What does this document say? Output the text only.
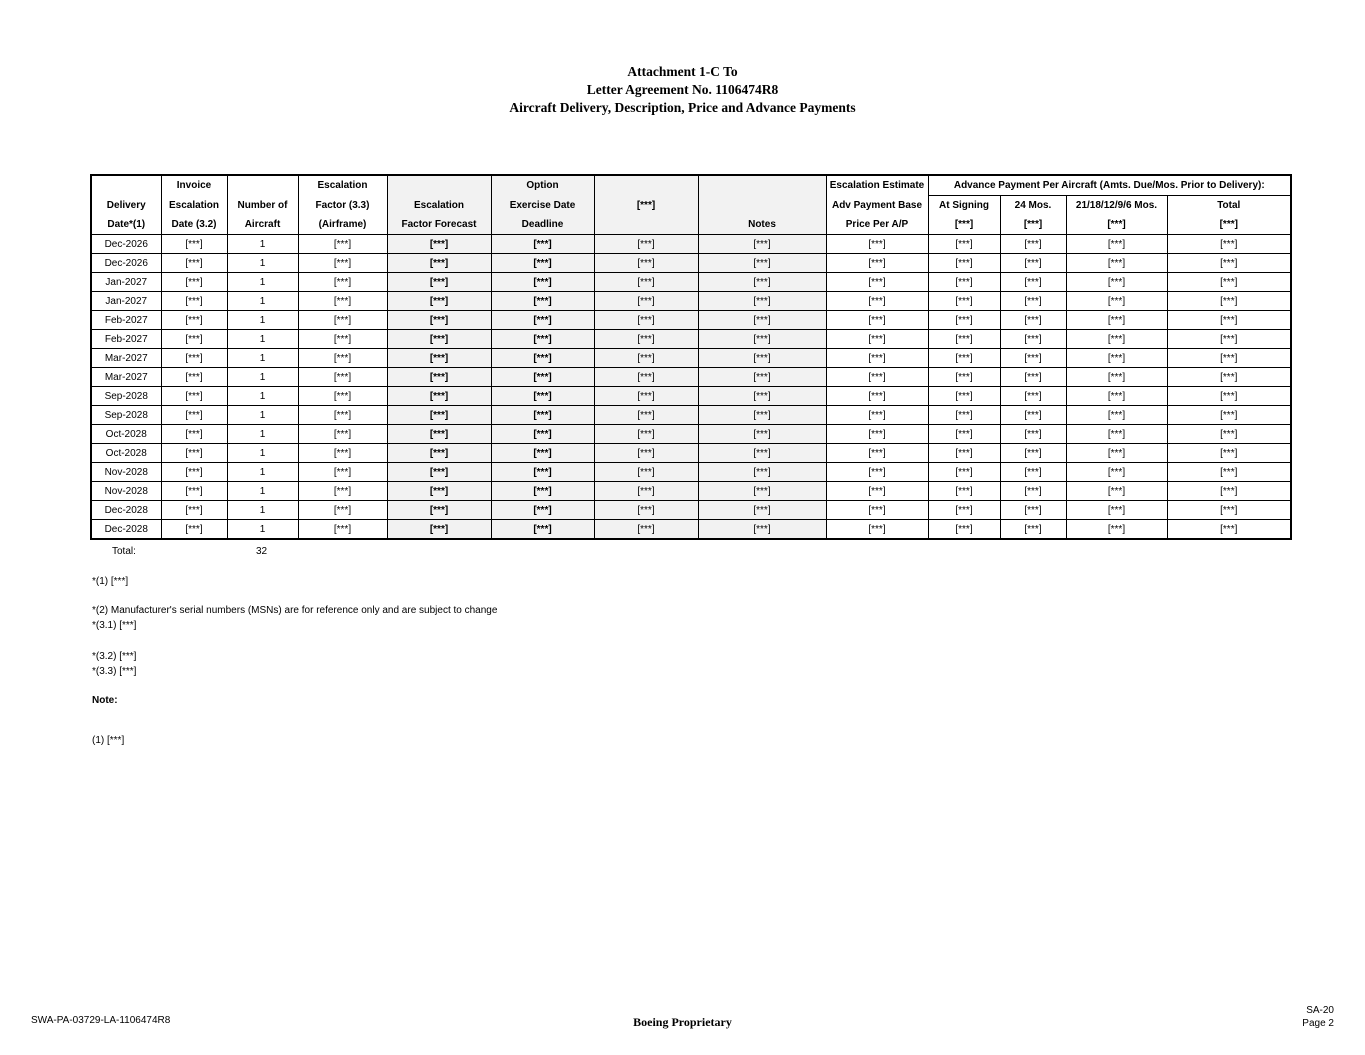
Attachment 1-C To
Letter Agreement No. 1106474R8
Aircraft Delivery, Description, Price and Advance Payments
	Invoice		Escalation		Option			Escalation Estimate	Advance Payment Per Aircraft (Amts. Due/Mos. Prior to Delivery):			
Delivery	Escalation	Number of	Factor (3.3)	Escalation	Exercise Date	[***]		Adv Payment Base	At Signing	24 Mos.	21/18/12/9/6 Mos.	Total
Date*(1)	Date (3.2)	Aircraft	(Airframe)	Factor Forecast	Deadline		Notes	Price Per A/P	[***]	[***]	[***]	[***]
Dec-2026	[***]	1	[***]	[***]	[***]	[***]	[***]	[***]	[***]	[***]	[***]	[***]
Dec-2026	[***]	1	[***]	[***]	[***]	[***]	[***]	[***]	[***]	[***]	[***]	[***]
Jan-2027	[***]	1	[***]	[***]	[***]	[***]	[***]	[***]	[***]	[***]	[***]	[***]
Jan-2027	[***]	1	[***]	[***]	[***]	[***]	[***]	[***]	[***]	[***]	[***]	[***]
Feb-2027	[***]	1	[***]	[***]	[***]	[***]	[***]	[***]	[***]	[***]	[***]	[***]
Feb-2027	[***]	1	[***]	[***]	[***]	[***]	[***]	[***]	[***]	[***]	[***]	[***]
Mar-2027	[***]	1	[***]	[***]	[***]	[***]	[***]	[***]	[***]	[***]	[***]	[***]
Mar-2027	[***]	1	[***]	[***]	[***]	[***]	[***]	[***]	[***]	[***]	[***]	[***]
Sep-2028	[***]	1	[***]	[***]	[***]	[***]	[***]	[***]	[***]	[***]	[***]	[***]
Sep-2028	[***]	1	[***]	[***]	[***]	[***]	[***]	[***]	[***]	[***]	[***]	[***]
Oct-2028	[***]	1	[***]	[***]	[***]	[***]	[***]	[***]	[***]	[***]	[***]	[***]
Oct-2028	[***]	1	[***]	[***]	[***]	[***]	[***]	[***]	[***]	[***]	[***]	[***]
Nov-2028	[***]	1	[***]	[***]	[***]	[***]	[***]	[***]	[***]	[***]	[***]	[***]
Nov-2028	[***]	1	[***]	[***]	[***]	[***]	[***]	[***]	[***]	[***]	[***]	[***]
Dec-2028	[***]	1	[***]	[***]	[***]	[***]	[***]	[***]	[***]	[***]	[***]	[***]
Dec-2028	[***]	1	[***]	[***]	[***]	[***]	[***]	[***]	[***]	[***]	[***]	[***]
Total:	32
*(1) [***]
*(2) Manufacturer's serial numbers (MSNs) are for reference only and are subject to change
*(3.1) [***]
*(3.2) [***]
*(3.3) [***]
Note:
(1) [***]
SWA-PA-03729-LA-1106474R8	Boeing Proprietary
SA-20
Page 2
